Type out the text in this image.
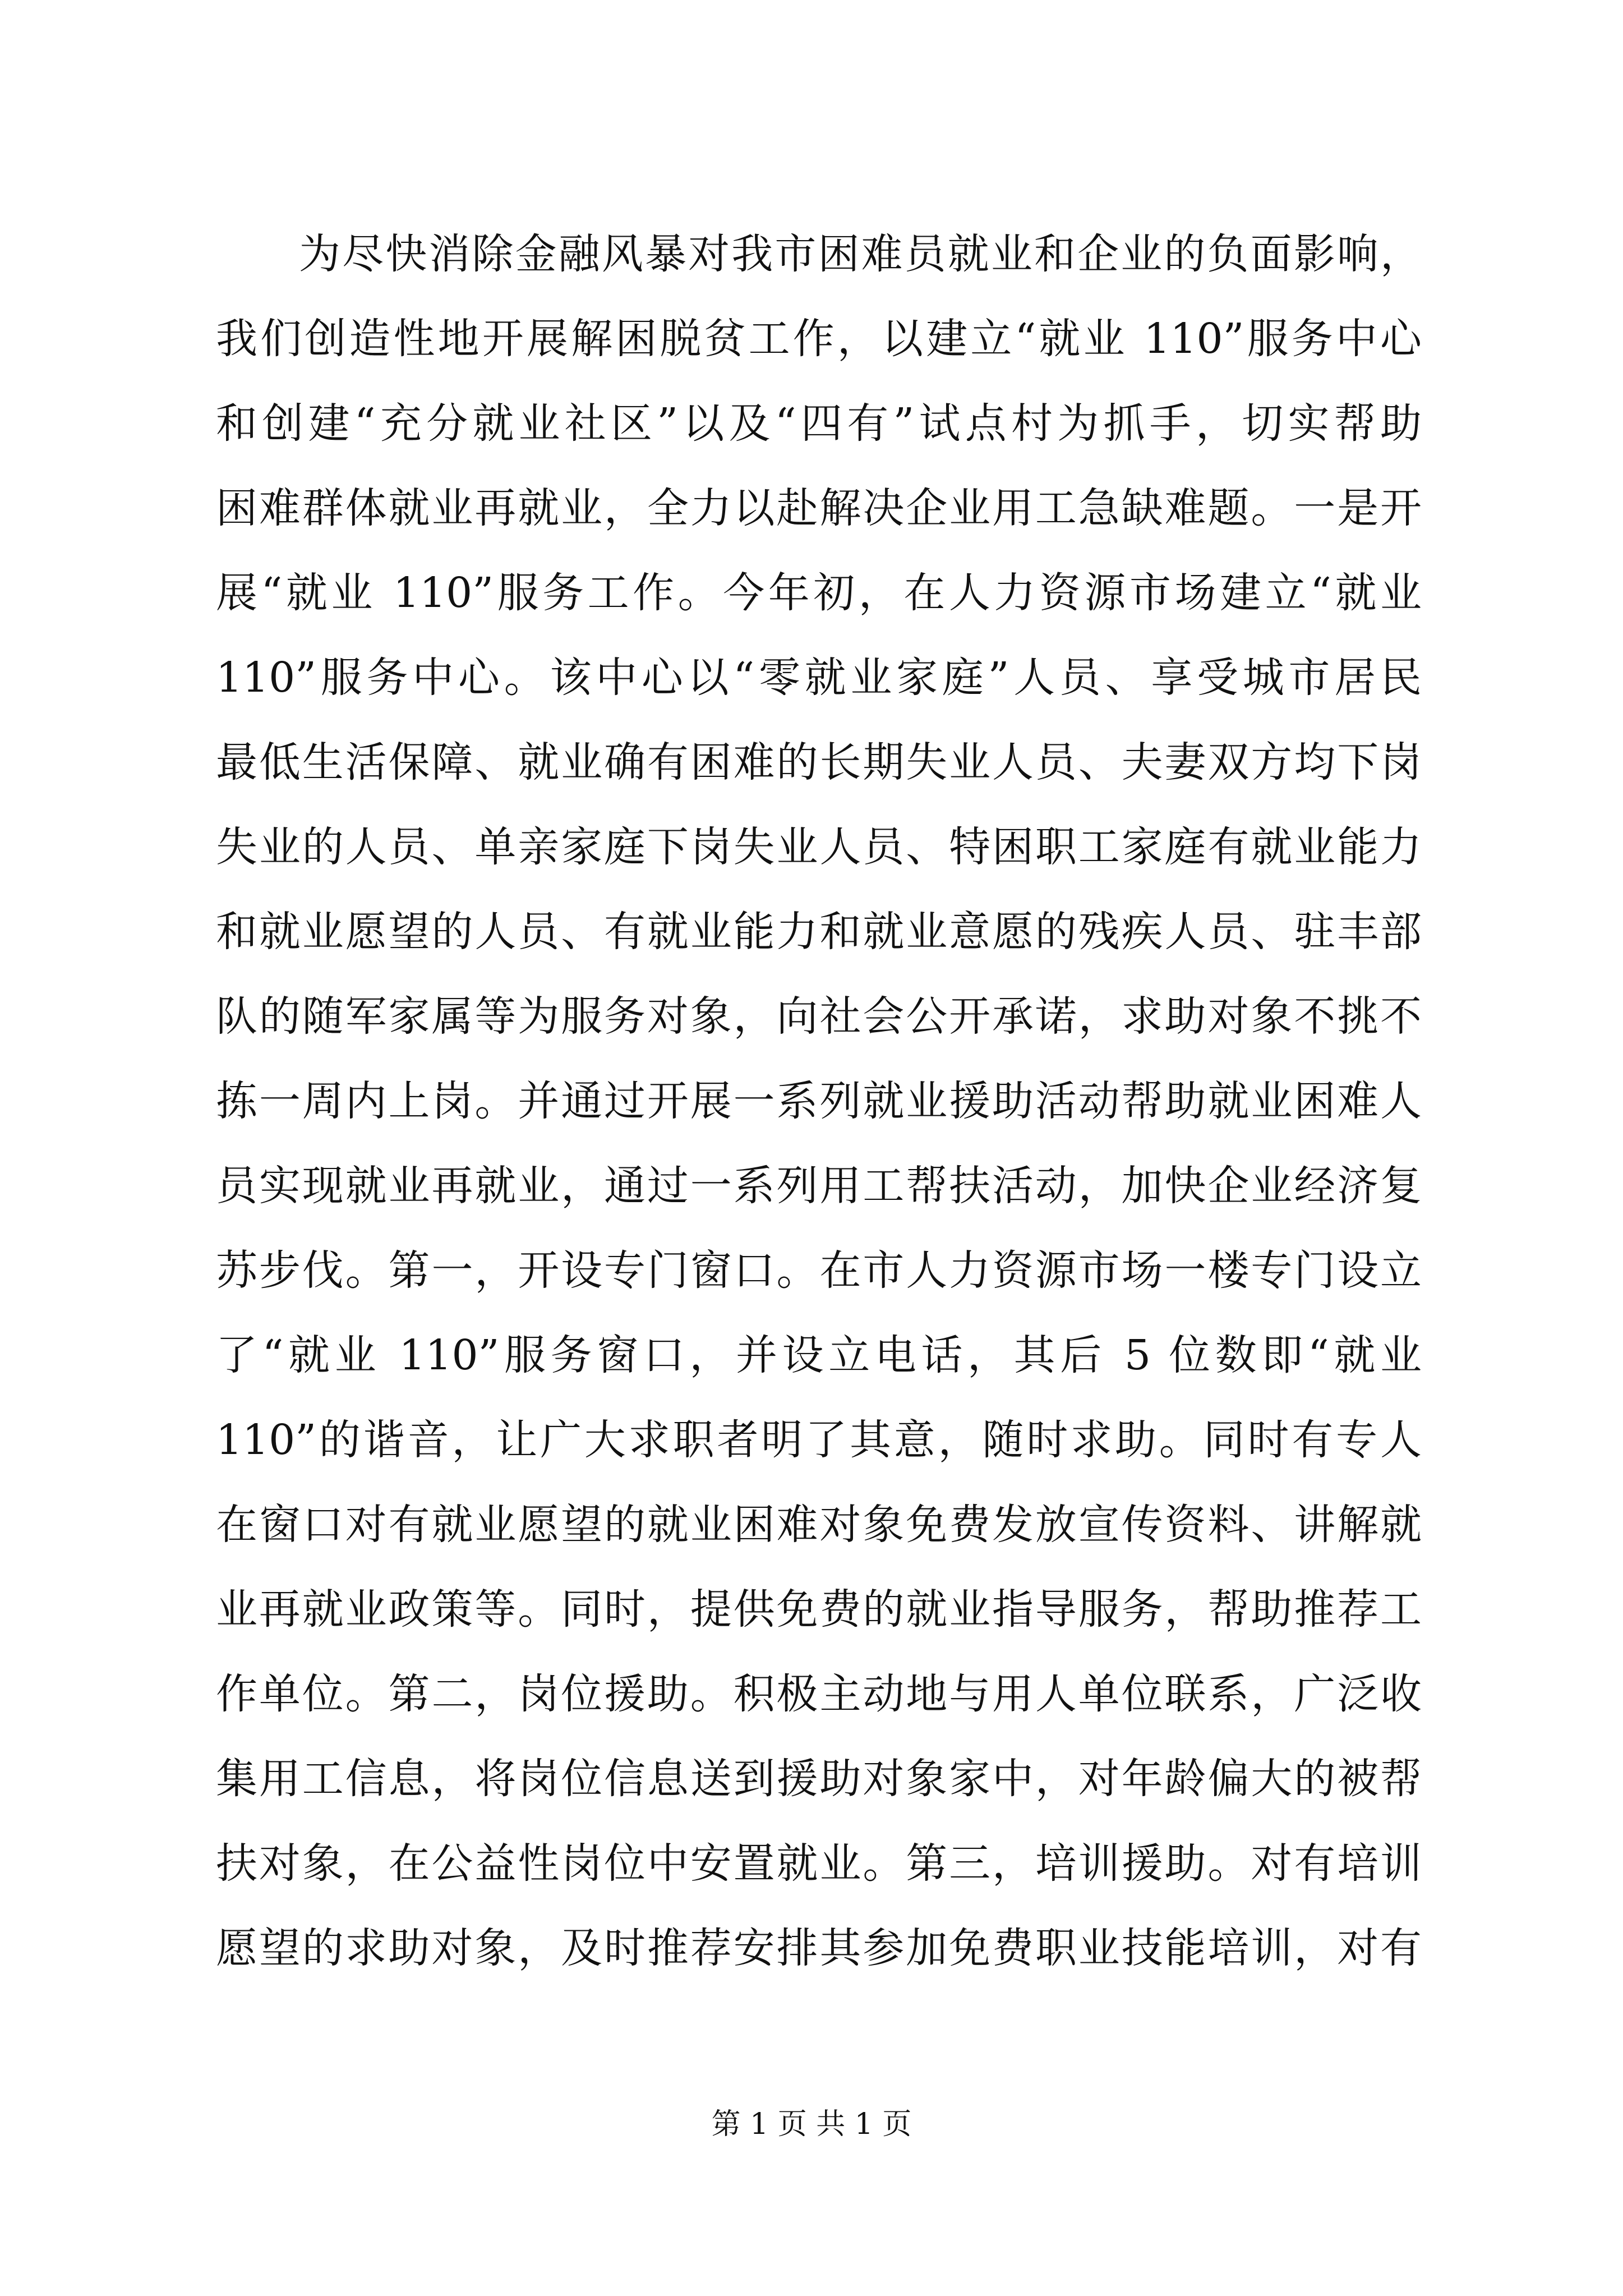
为尽快消除金融风暴对我市困难员就业和企业的负面影响，
我们创造性地开展解困脱贫工作，以建立“就业 110”服务中心
和创建“充分就业社区”以及“四有”试点村为抓手，切实帮助
困难群体就业再就业，全力以赴解决企业用工急缺难题。一是开
展“就业 110”服务工作。今年初，在人力资源市场建立“就业
110”服务中心。该中心以“零就业家庭”人员、享受城市居民
最低生活保障、就业确有困难的长期失业人员、夫妻双方均下岗
失业的人员、单亲家庭下岗失业人员、特困职工家庭有就业能力
和就业愿望的人员、有就业能力和就业意愿的残疾人员、驻丰部
队的随军家属等为服务对象，向社会公开承诺，求助对象不挑不
拣一周内上岗。并通过开展一系列就业援助活动帮助就业困难人
员实现就业再就业，通过一系列用工帮扶活动，加快企业经济复
苏步伐。第一，开设专门窗口。在市人力资源市场一楼专门设立
了“就业 110”服务窗口，并设立电话，其后 5 位数即“就业
110”的谐音，让广大求职者明了其意，随时求助。同时有专人
在窗口对有就业愿望的就业困难对象免费发放宣传资料、讲解就
业再就业政策等。同时，提供免费的就业指导服务，帮助推荐工
作单位。第二，岗位援助。积极主动地与用人单位联系，广泛收
集用工信息，将岗位信息送到援助对象家中，对年龄偏大的被帮
扶对象，在公益性岗位中安置就业。第三，培训援助。对有培训
愿望的求助对象，及时推荐安排其参加免费职业技能培训，对有
第 1 页 共 1 页
